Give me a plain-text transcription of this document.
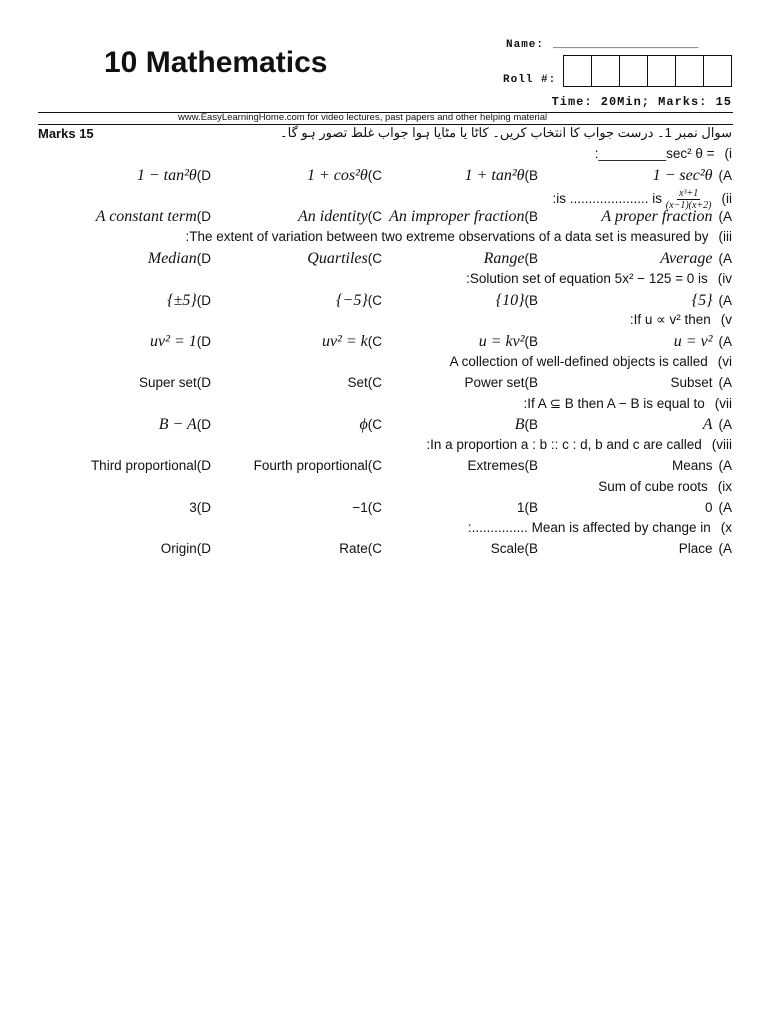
10 Mathematics
Name: ______________________
Roll #:
Time: 20Min; Marks: 15
www.EasyLearningHome.com for video lectures, past papers and other helping material
Marks 15	سوال نمبر 1۔ درست جواب کا انتخاب کریں۔ کاٹا یا مٹایا ہوا جواب غلط تصور ہو گا۔
:_________sec² θ = (i
1 − sec²θ (A
1 + tan²θ(B
1 + cos²θ(C
1 − tan²θ(D
:is ..................... is $\frac{\text{x³+1}}{(x-1)(x+2)} (ii$
A proper fraction (A
An improper fraction(B
An identity(C
A constant term(D
:The extent of variation between two extreme observations of a data set is measured by (iii
Average (A
Range(B
Quartiles(C
Median(D
:Solution set of equation 5x² − 125 = 0 is (iv
{5} (A
{10}(B
{−5}(C
{±5}(D
:If u ∝ v² then (v
u = v² (A
u = kv²(B
uv² = k(C
uv² = 1(D
A collection of well-defined objects is called (vi
Subset (A
Power set(B
Set(C
Super set(D
:If A ⊆ B then A − B is equal to (vii
A (A
B(B
ϕ(C
B − A(D
:In a proportion a : b :: c : d, b and c are called (viii
Means (A
Extremes(B
Fourth proportional(C
Third proportional(D
Sum of cube roots (ix
0 (A
1(B
−1(C
3(D
:............... Mean is affected by change in (x
Place (A
Scale(B
Rate(C
Origin(D
